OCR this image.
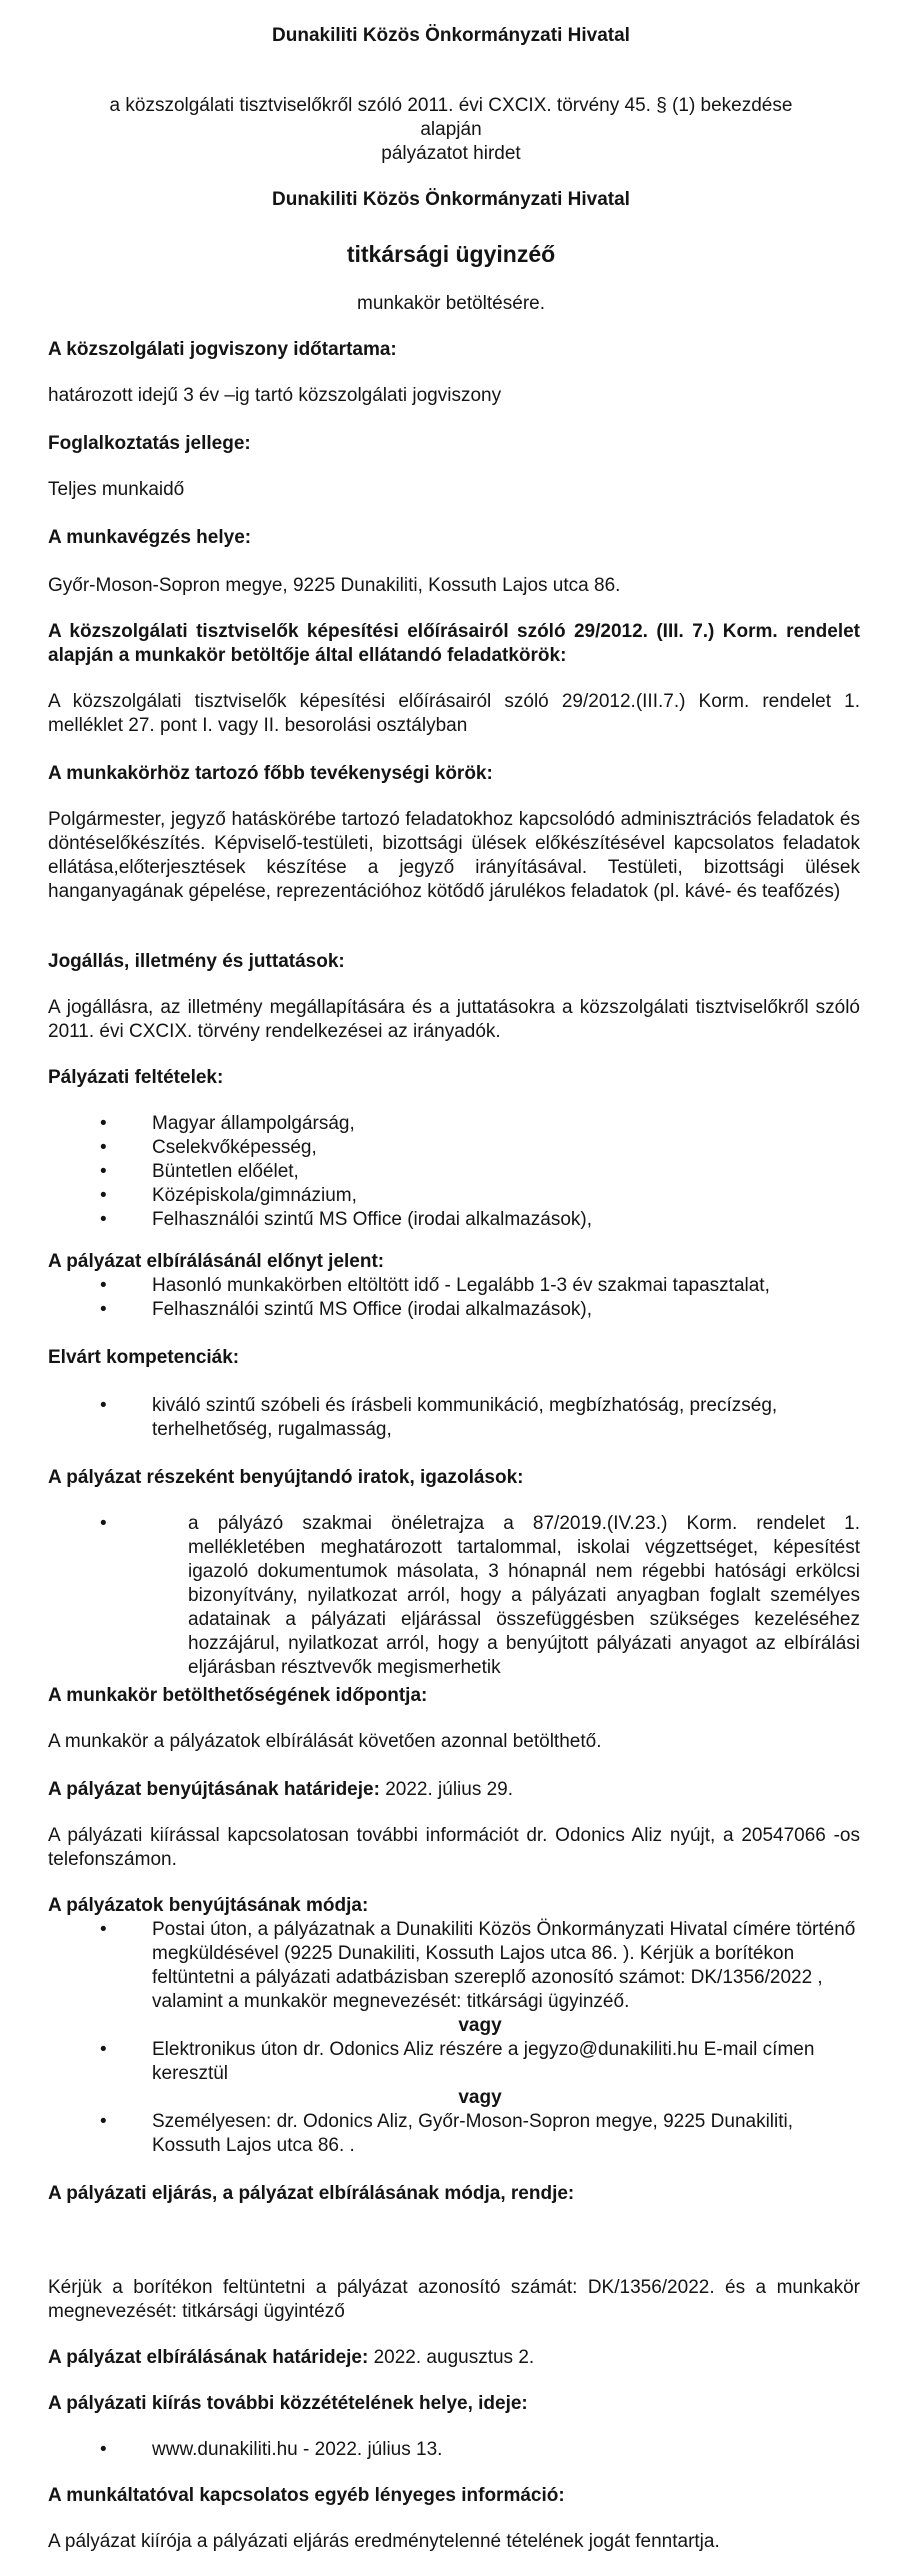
Dunakiliti Közös Önkormányzati Hivatal

a közszolgálati tisztviselőkről szóló 2011. évi CXCIX. törvény 45. § (1) bekezdése

alapján

pályázatot hirdet

Dunakiliti Közös Önkormányzati Hivatal

titkársági ügyinzéő

munkakör betöltésére.

A közszolgálati jogviszony időtartama:

határozott idejű 3 év –ig tartó közszolgálati jogviszony

Foglalkoztatás jellege:

Teljes munkaidő

A munkavégzés helye:

Győr-Moson-Sopron megye, 9225 Dunakiliti, Kossuth Lajos utca 86.

A közszolgálati tisztviselők képesítési előírásairól szóló 29/2012. (III. 7.) Korm. rendelet alapján a munkakör betöltője által ellátandó feladatkörök:

A közszolgálati tisztviselők képesítési előírásairól szóló 29/2012.(III.7.) Korm. rendelet 1. melléklet 27. pont I. vagy II. besorolási osztályban

A munkakörhöz tartozó főbb tevékenységi körök:

Polgármester, jegyző hatáskörébe tartozó feladatokhoz kapcsolódó adminisztrációs feladatok és döntéselőkészítés. Képviselő-testületi, bizottsági ülések előkészítésével kapcsolatos feladatok ellátása,előterjesztések készítése a jegyző irányításával. Testületi, bizottsági ülések hanganyagának gépelése, reprezentációhoz kötődő járulékos feladatok (pl. kávé- és teafőzés)

Jogállás, illetmény és juttatások:

A jogállásra, az illetmény megállapítására és a juttatásokra a közszolgálati tisztviselőkről szóló 2011. évi CXCIX. törvény rendelkezései az irányadók.

Pályázati feltételek:

• Magyar állampolgárság,
• Cselekvőképesség,
• Büntetlen előélet,
• Középiskola/gimnázium,
• Felhasználói szintű MS Office (irodai alkalmazások),

A pályázat elbírálásánál előnyt jelent:

• Hasonló munkakörben eltöltött idő - Legalább 1-3 év szakmai tapasztalat,
• Felhasználói szintű MS Office (irodai alkalmazások),

Elvárt kompetenciák:

• kiváló szintű szóbeli és írásbeli kommunikáció, megbízhatóság, precízség, terhelhetőség, rugalmasság,

A pályázat részeként benyújtandó iratok, igazolások:

• a pályázó szakmai önéletrajza a 87/2019.(IV.23.) Korm. rendelet 1. mellékletében meghatározott tartalommal, iskolai végzettséget, képesítést igazoló dokumentumok másolata, 3 hónapnál nem régebbi hatósági erkölcsi bizonyítvány, nyilatkozat arról, hogy a pályázati anyagban foglalt személyes adatainak a pályázati eljárással összefüggésben szükséges kezeléséhez hozzájárul, nyilatkozat arról, hogy a benyújtott pályázati anyagot az elbírálási eljárásban résztvevők megismerhetik

A munkakör betölthetőségének időpontja:

A munkakör a pályázatok elbírálását követően azonnal betölthető.

A pályázat benyújtásának határideje: 2022. július 29.

A pályázati kiírással kapcsolatosan további információt dr. Odonics Aliz nyújt, a 20547066 -os telefonszámon.

A pályázatok benyújtásának módja:

• Postai úton, a pályázatnak a Dunakiliti Közös Önkormányzati Hivatal címére történő megküldésével (9225 Dunakiliti, Kossuth Lajos utca 86. ). Kérjük a borítékon feltüntetni a pályázati adatbázisban szereplő azonosító számot: DK/1356/2022 , valamint a munkakör megnevezését: titkársági ügyinzéő.

vagy

• Elektronikus úton dr. Odonics Aliz részére a jegyzo@dunakiliti.hu E-mail címen keresztül

vagy

• Személyesen: dr. Odonics Aliz, Győr-Moson-Sopron megye, 9225 Dunakiliti, Kossuth Lajos utca 86. .

A pályázati eljárás, a pályázat elbírálásának módja, rendje:

Kérjük a borítékon feltüntetni a pályázat azonosító számát: DK/1356/2022. és a munkakör megnevezését: titkársági ügyintéző

A pályázat elbírálásának határideje: 2022. augusztus 2.

A pályázati kiírás további közzétételének helye, ideje:

• www.dunakiliti.hu - 2022. július 13.

A munkáltatóval kapcsolatos egyéb lényeges információ:

A pályázat kiírója a pályázati eljárás eredménytelenné tételének jogát fenntartja.
